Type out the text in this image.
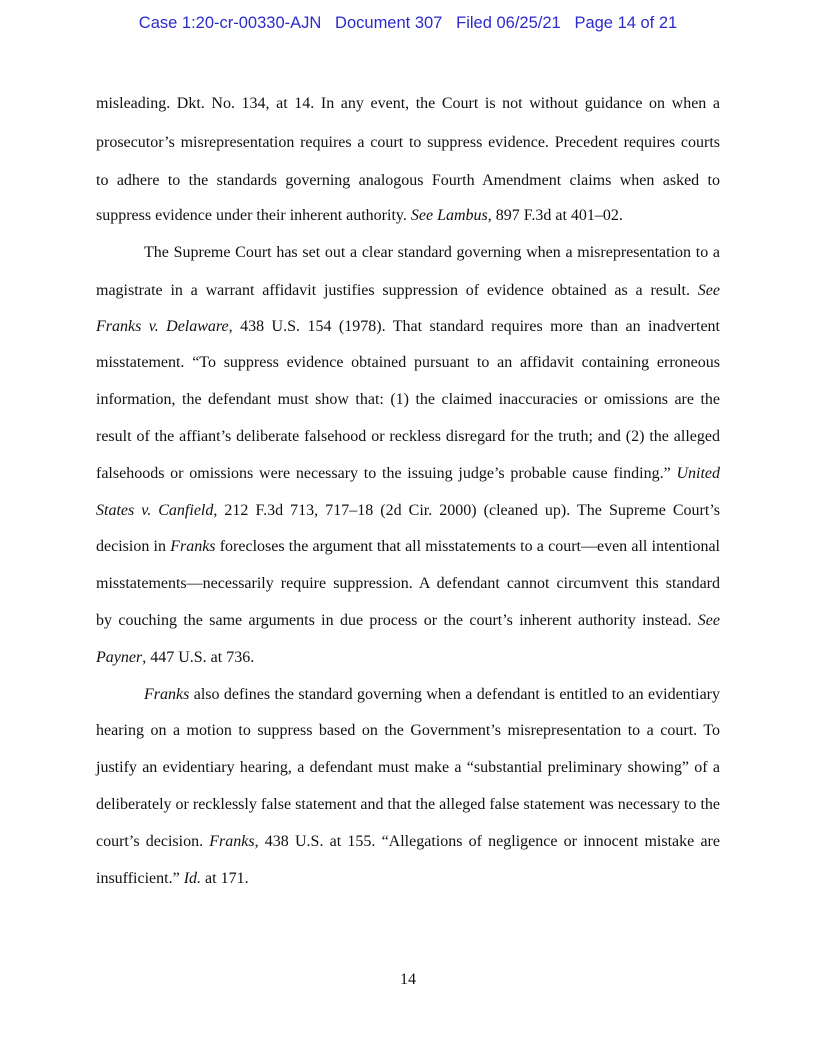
Case 1:20-cr-00330-AJN   Document 307   Filed 06/25/21   Page 14 of 21
misleading. Dkt. No. 134, at 14. In any event, the Court is not without guidance on when a
prosecutor’s misrepresentation requires a court to suppress evidence. Precedent requires courts
to adhere to the standards governing analogous Fourth Amendment claims when asked to
suppress evidence under their inherent authority. See Lambus, 897 F.3d at 401–02.
The Supreme Court has set out a clear standard governing when a misrepresentation to a
magistrate in a warrant affidavit justifies suppression of evidence obtained as a result. See
Franks v. Delaware, 438 U.S. 154 (1978). That standard requires more than an inadvertent
misstatement. “To suppress evidence obtained pursuant to an affidavit containing erroneous
information, the defendant must show that: (1) the claimed inaccuracies or omissions are the
result of the affiant’s deliberate falsehood or reckless disregard for the truth; and (2) the alleged
falsehoods or omissions were necessary to the issuing judge’s probable cause finding.” United
States v. Canfield, 212 F.3d 713, 717–18 (2d Cir. 2000) (cleaned up). The Supreme Court’s
decision in Franks forecloses the argument that all misstatements to a court—even all intentional
misstatements—necessarily require suppression. A defendant cannot circumvent this standard
by couching the same arguments in due process or the court’s inherent authority instead. See
Payner, 447 U.S. at 736.
Franks also defines the standard governing when a defendant is entitled to an evidentiary
hearing on a motion to suppress based on the Government’s misrepresentation to a court. To
justify an evidentiary hearing, a defendant must make a “substantial preliminary showing” of a
deliberately or recklessly false statement and that the alleged false statement was necessary to the
court’s decision. Franks, 438 U.S. at 155. “Allegations of negligence or innocent mistake are
insufficient.” Id. at 171.
14
